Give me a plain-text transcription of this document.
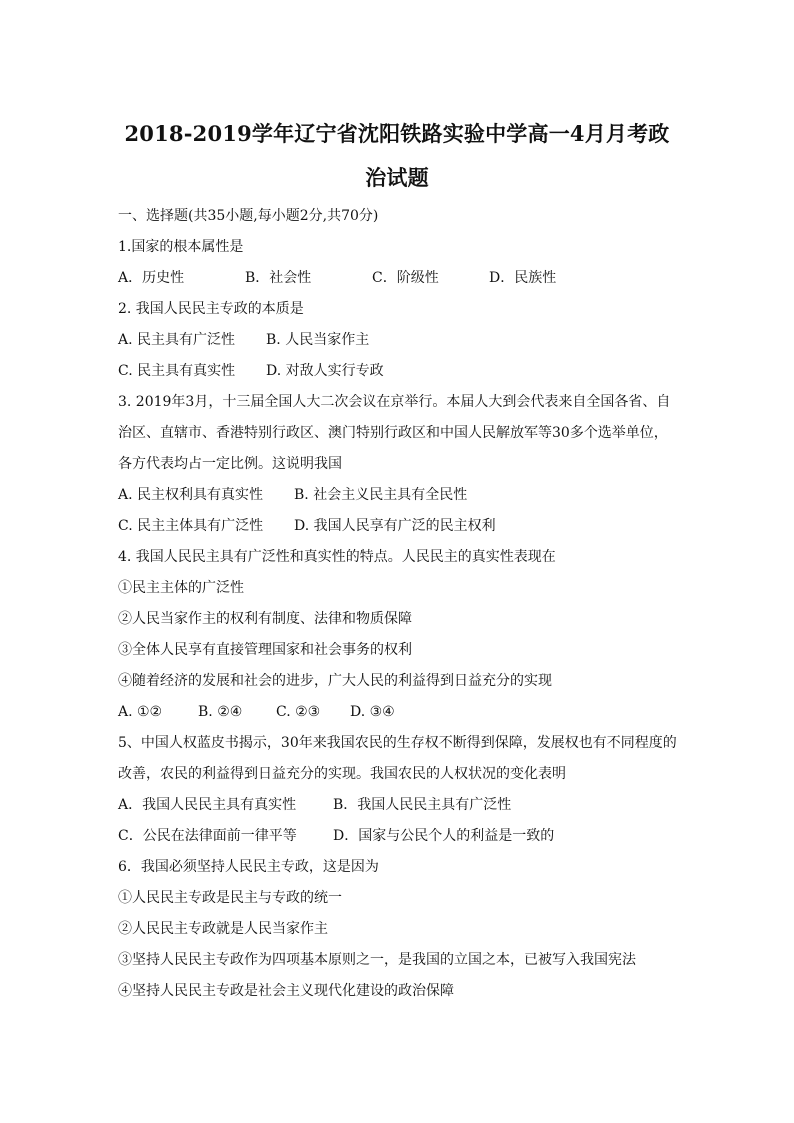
2018-2019学年辽宁省沈阳铁路实验中学高一4月月考政
治试题
一、选择题(共35小题,每小题2分,共70分)
1.国家的根本属性是
A．历史性	B．社会性	C．阶级性	D．民族性
2. 我国人民民主专政的本质是
A. 民主具有广泛性 B. 人民当家作主
C. 民主具有真实性 D. 对敌人实行专政
3. 2019年3月，十三届全国人大二次会议在京举行。本届人大到会代表来自全国各省、自
治区、直辖市、香港特别行政区、澳门特别行政区和中国人民解放军等30多个选举单位，
各方代表均占一定比例。这说明我国
A. 民主权利具有真实性 B. 社会主义民主具有全民性
C. 民主主体具有广泛性 D. 我国人民享有广泛的民主权利
4. 我国人民民主具有广泛性和真实性的特点。人民民主的真实性表现在
①民主主体的广泛性
②人民当家作主的权利有制度、法律和物质保障
③全体人民享有直接管理国家和社会事务的权利
④随着经济的发展和社会的进步，广大人民的利益得到日益充分的实现
A. ①②	B. ②④ C. ②③ D. ③④
5、中国人权蓝皮书揭示，30年来我国农民的生存权不断得到保障，发展权也有不同程度的
改善，农民的利益得到日益充分的实现。我国农民的人权状况的变化表明
A．我国人民民主具有真实性	B．我国人民民主具有广泛性
C．公民在法律面前一律平等	D．国家与公民个人的利益是一致的
6．我国必须坚持人民民主专政，这是因为
①人民民主专政是民主与专政的统一
②人民民主专政就是人民当家作主
③坚持人民民主专政作为四项基本原则之一，是我国的立国之本，已被写入我国宪法
④坚持人民民主专政是社会主义现代化建设的政治保障
